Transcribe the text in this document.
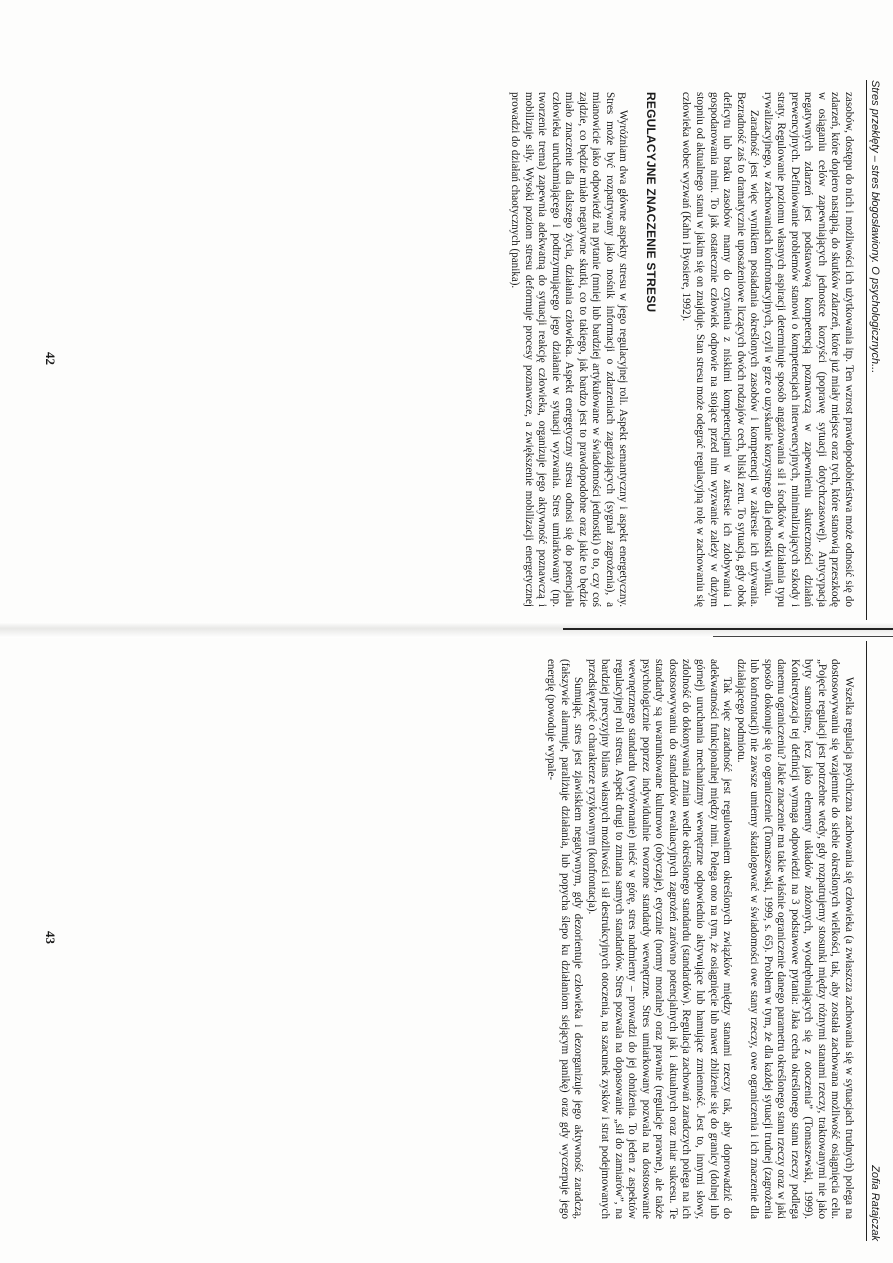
Stres przeklęty – stres błogosławiony. O psychologicznych...

zasobów, dostępu do nich i możliwości ich użytkowania itp. Ten wzrost prawdopodobieństwa może odnosić się do zdarzeń, które dopiero nastąpią, do skutków zdarzeń, które już miały miejsce oraz tych, które stanowią przeszkodę w osiąganiu celów zapewniających jednostce korzyści (poprawę sytuacji dotychczasowej). Antycypacja negatywnych zdarzeń jest podstawową kompetencją poznawczą w zapewnieniu skuteczności działań prewencyjnych. Definiowanie problemów stanowi o kompetencjach interwencyjnych, minimalizujących szkody i straty. Regulowanie poziomu własnych aspiracji determinuje sposób angażowania sił i środków w działania typu rywalizacyjnego, w zachowaniach konfrontacyjnych, czyli w grze o uzyskanie korzystnego dla jednostki wyniku.

Zaradność jest więc wynikiem posiadania określonych zasobów i kompetencji w zakresie ich używania. Bezradność zaś to dramatycznie uposażeniowe liczących dwóch rodzajów cech, bliski zeru. To sytuacja, gdy obok deficytu lub braku zasobów mamy do czynienia z niskimi kompetencjami w zakresie ich zdobywania i gospodarowania nimi. To jak ostatecznie człowiek odpowie na stojące przed nim wyzwanie zależy w dużym stopniu od aktualnego stanu w jakim się on znajduje. Stan stresu może odegrać regulacyjną rolę w zachowaniu się człowieka wobec wyzwań (Kahn i Byosiere, 1992).

REGULACYJNE ZNACZENIE STRESU

Wyróżniam dwa główne aspekty stresu w jego regulacyjnej roli. Aspekt semantyczny i aspekt energetyczny. Stres może być rozpatrywany jako nośnik informacji o zdarzeniach zagrażających (sygnał zagrożenia), a mianowicie jako odpowiedź na pytanie (mniej lub bardziej artykułowane w świadomości jednostki) o to, czy coś zajdzie, co będzie miało negatywne skutki, co to takiego, jak bardzo jest to prawdopodobne oraz jakie to będzie miało znaczenie dla dalszego życia, działania człowieka. Aspekt energetyczny stresu odnosi się do potencjału człowieka uruchamiającego i podtrzymującego jego działanie w sytuacji wyzwania. Stres umiarkowany (np. tworzenie trema) zapewnia adekwatną do sytuacji reakcję człowieka, organizuje jego aktywność poznawczą i mobilizuje siły. Wysoki poziom stresu deformuje procesy poznawcze, a zwiększenie mobilizacji energetycznej prowadzi do działań chaotycznych (panika).

42
Zofia Ratajczak

Wszelka regulacja psychiczna zachowania się człowieka (a zwłaszcza zachowania się w sytuacjach trudnych) polega na dostosowywaniu się wzajemnie do siebie określonych wielkości, tak, aby została zachowana możliwość osiągnięcia celu. „Pojęcie regulacji jest potrzebne wtedy, gdy rozpatrujemy stosunki między różnymi stanami rzeczy, traktowanymi nie jako byty samoistne, lecz jako elementy układów złożonych, wyodrębniających się z otoczenia” (Tomaszewski, 1999). Konkretyzacja tej definicji wymaga odpowiedzi na 3 podstawowe pytania: Jaka cecha określonego stanu rzeczy podlega danemu ograniczeniu? Jakie znaczenie ma takie właśnie ograniczenie danego parametru określonego stanu rzeczy oraz w jaki sposób dokonuje się to ograniczenie (Tomaszewski, 1999, s. 65). Problem w tym, że dla każdej sytuacji trudnej (zagrożenia lub konfrontacji) nie zawsze umiemy skatalogować w świadomości owe stany rzeczy, owe ograniczenia i ich znaczenie dla działającego podmiotu.

Tak więc zaradność jest regulowaniem określonych związków między stanami rzeczy tak, aby doprowadzić do adekwatności funkcjonalnej między nimi. Polega ono na tym, że osiągnięcie lub nawet zbliżenie się do granicy (dolnej lub górnej) uruchamia mechanizmy wewnętrzne odpowiednio aktywujące lub hamujące zmienność. Jest to, innymi słowy, zdolność do dokonywania zmian wedle określonego standardu (standardów). Regulacja zachowań zaradczych polega na ich dostosowywaniu do standardów ewaluacyjnych zagrożeń zarówno potencjalnych jak i aktualnych oraz miar sukcesu. Te standardy są uwarunkowane kulturowo (obyczaje), etycznie (normy moralne) oraz prawnie (regulacje prawne), ale także psychologicznie poprzez indywidualnie tworzone standardy wewnętrzne. Stres umiarkowany pozwala na dostosowanie wewnętrznego standardu (wyrównanie) nieść w górę, stres nadmierny – prowadzi do jej obniżenia. To jeden z aspektów regulacyjnej roli stresu. Aspekt drugi to zmiana samych standardów. Stres pozwala na dopasowanie „sił do zamiarów”, na bardziej precyzyjny bilans własnych możliwości i sił destrukcyjnych otoczenia, na szacunek zysków i strat podejmowanych przedsięwzięć o charakterze ryzykownym (konfrontacja).

Sumując, stres jest zjawiskiem negatywnym, gdy dezorientuje człowieka i dezorganizuje jego aktywność zaradczą, (fałszywie alarmuje, paraliżuje działania, lub popycha ślepo ku działaniom siejącym panikę) oraz gdy wyczerpuje jego energię (powoduje wypale-

43
